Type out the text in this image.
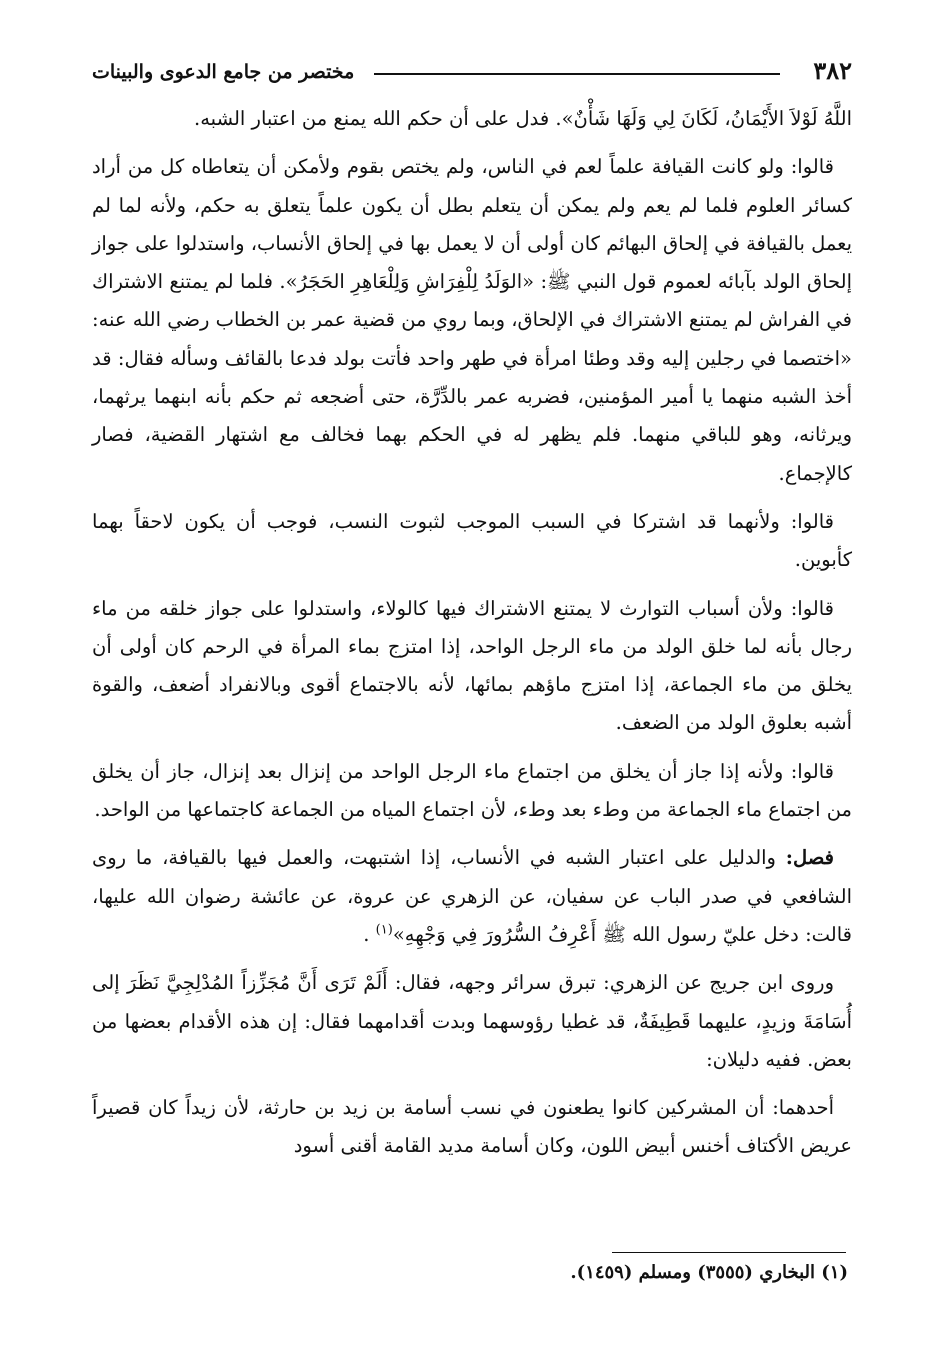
٣٨٢
مختصر من جامع الدعوى والبينات

اللَّهُ لَوْلاَ الأَيْمَانُ، لَكَانَ لِي وَلَهَا شَأْنٌ». فدل على أن حكم الله يمنع من اعتبار الشبه.

قالوا: ولو كانت القيافة علماً لعم في الناس، ولم يختص بقوم ولأمكن أن يتعاطاه كل من أراد كسائر العلوم فلما لم يعم ولم يمكن أن يتعلم بطل أن يكون علماً يتعلق به حكم، ولأنه لما لم يعمل بالقيافة في إلحاق البهائم كان أولى أن لا يعمل بها في إلحاق الأنساب، واستدلوا على جواز إلحاق الولد بآبائه لعموم قول النبي ﷺ: «الوَلَدُ لِلْفِرَاشِ وَلِلْعَاهِرِ الحَجَرُ». فلما لم يمتنع الاشتراك في الفراش لم يمتنع الاشتراك في الإلحاق، وبما روي من قضية عمر بن الخطاب رضي الله عنه: «اختصما في رجلين إليه وقد وطئا امرأة في طهر واحد فأتت بولد فدعا بالقائف وسأله فقال: قد أخذ الشبه منهما يا أمير المؤمنين، فضربه عمر بالدِّرَّة، حتى أضجعه ثم حكم بأنه ابنهما يرثهما، ويرثانه، وهو للباقي منهما. فلم يظهر له في الحكم بهما فخالف مع اشتهار القضية، فصار كالإجماع.

قالوا: ولأنهما قد اشتركا في السبب الموجب لثبوت النسب، فوجب أن يكون لاحقاً بهما كأبوين.

قالوا: ولأن أسباب التوارث لا يمتنع الاشتراك فيها كالولاء، واستدلوا على جواز خلقه من ماء رجال بأنه لما خلق الولد من ماء الرجل الواحد، إذا امتزج بماء المرأة في الرحم كان أولى أن يخلق من ماء الجماعة، إذا امتزج ماؤهم بمائها، لأنه بالاجتماع أقوى وبالانفراد أضعف، والقوة أشبه بعلوق الولد من الضعف.

قالوا: ولأنه إذا جاز أن يخلق من اجتماع ماء الرجل الواحد من إنزال بعد إنزال، جاز أن يخلق من اجتماع ماء الجماعة من وطء بعد وطء، لأن اجتماع المياه من الجماعة كاجتماعها من الواحد.

فصل: والدليل على اعتبار الشبه في الأنساب، إذا اشتبهت، والعمل فيها بالقيافة، ما روى الشافعي في صدر الباب عن سفيان، عن الزهري عن عروة، عن عائشة رضوان الله عليها، قالت: دخل عليّ رسول الله ﷺ أَعْرِفُ السُّرُورَ فِي وَجْهِهِ»$^{(١)}$ .

وروى ابن جريج عن الزهري: تبرق سرائر وجهه، فقال: أَلَمْ تَرَى أَنَّ مُجَزِّزاً المُدْلِجِيَّ نَظَرَ إلى أُسَامَةَ وزيدٍ، عليهما قَطِيفَةٌ، قد غطيا رؤوسهما وبدت أقدامهما فقال: إن هذه الأقدام بعضها من بعض. ففيه دليلان:

أحدهما: أن المشركين كانوا يطعنون في نسب أسامة بن زيد بن حارثة، لأن زيداً كان قصيراً عريض الأكتاف أخنس أبيض اللون، وكان أسامة مديد القامة أقنى أسود

(١) البخاري (٣٥٥٥) ومسلم (١٤٥٩).
